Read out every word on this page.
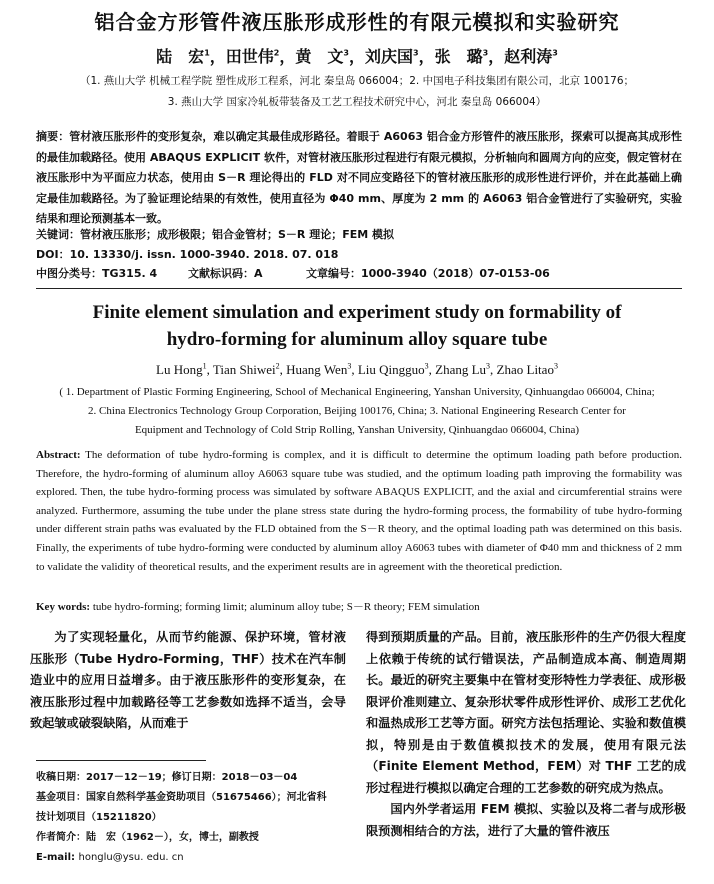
铝合金方形管件液压胀形成形性的有限元模拟和实验研究
陆　宏$^1$，田世伟$^2$，黄　文$^3$，刘庆国$^3$，张　璐$^3$，赵利涛$^3$
（1. 燕山大学 机械工程学院 塑性成形工程系，河北 秦皇岛 066004；2. 中国电子科技集团有限公司，北京 100176；
3. 燕山大学 国家冷轧板带装备及工艺工程技术研究中心，河北 秦皇岛 066004）
摘要：管材液压胀形件的变形复杂，难以确定其最佳成形路径。着眼于 A6063 铝合金方形管件的液压胀形，探索可以提高其成形性的最佳加载路径。使用 ABAQUS EXPLICIT 软件，对管材液压胀形过程进行有限元模拟，分析轴向和圆周方向的应变，假定管材在液压胀形中为平面应力状态，使用由 S－R 理论得出的 FLD 对不同应变路径下的管材液压胀形的成形性进行评价，并在此基础上确定最佳加载路径。为了验证理论结果的有效性，使用直径为 Φ40 mm、厚度为 2 mm 的 A6063 铝合金管进行了实验研究，实验结果和理论预测基本一致。
关键词：管材液压胀形；成形极限；铝合金管材；S－R 理论；FEM 模拟
DOI：10. 13330/j. issn. 1000-3940. 2018. 07. 018
中图分类号：TG315. 4	文献标识码：A	文章编号：1000-3940（2018）07-0153-06
Finite element simulation and experiment study on formability of
hydro-forming for aluminum alloy square tube
Lu Hong$^1$, Tian Shiwei$^2$, Huang Wen$^3$, Liu Qingguo$^3$, Zhang Lu$^3$, Zhao Litao$^3$
( 1. Department of Plastic Forming Engineering, School of Mechanical Engineering, Yanshan University, Qinhuangdao 066004, China;
2. China Electronics Technology Group Corporation, Beijing 100176, China; 3. National Engineering Research Center for
Equipment and Technology of Cold Strip Rolling, Yanshan University, Qinhuangdao 066004, China)
Abstract: The deformation of tube hydro-forming is complex, and it is difficult to determine the optimum loading path before production. Therefore, the hydro-forming of aluminum alloy A6063 square tube was studied, and the optimum loading path improving the formability was explored. Then, the tube hydro-forming process was simulated by software ABAQUS EXPLICIT, and the axial and circumferential strains were analyzed. Furthermore, assuming the tube under the plane stress state during the hydro-forming process, the formability of tube hydro-forming under different strain paths was evaluated by the FLD obtained from the S－R theory, and the optimal loading path was determined on this basis. Finally, the experiments of tube hydro-forming were conducted by aluminum alloy A6063 tubes with diameter of Φ40 mm and thickness of 2 mm to validate the validity of theoretical results, and the experiment results are in agreement with the theoretical prediction.
Key words: tube hydro-forming; forming limit; aluminum alloy tube; S－R theory; FEM simulation

为了实现轻量化，从而节约能源、保护环境，管材液压胀形（Tube Hydro-Forming，THF）技术在汽车制造业中的应用日益增多。由于液压胀形件的变形复杂，在液压胀形过程中加载路径等工艺参数如选择不适当，会导致起皱或破裂缺陷，从而难于

收稿日期：2017－12－19；修订日期：2018－03－04
基金项目：国家自然科学基金资助项目（51675466）；河北省科
技计划项目（15211820）
作者简介：陆　宏（1962－），女，博士，副教授
E-mail: honglu@ysu. edu. cn
得到预期质量的产品。目前，液压胀形件的生产仍很大程度上依赖于传统的试行错误法，产品制造成本高、制造周期长。最近的研究主要集中在管材变形特性力学表征、成形极限评价准则建立、复杂形状零件成形性评价、成形工艺优化和温热成形工艺等方面。研究方法包括理论、实验和数值模拟，特别是由于数值模拟技术的发展，使用有限元法（Finite Element Method，FEM）对 THF 工艺的成形过程进行模拟以确定合理的工艺参数的研究成为热点。

国内外学者运用 FEM 模拟、实验以及将二者与成形极限预测相结合的方法，进行了大量的管件液压
